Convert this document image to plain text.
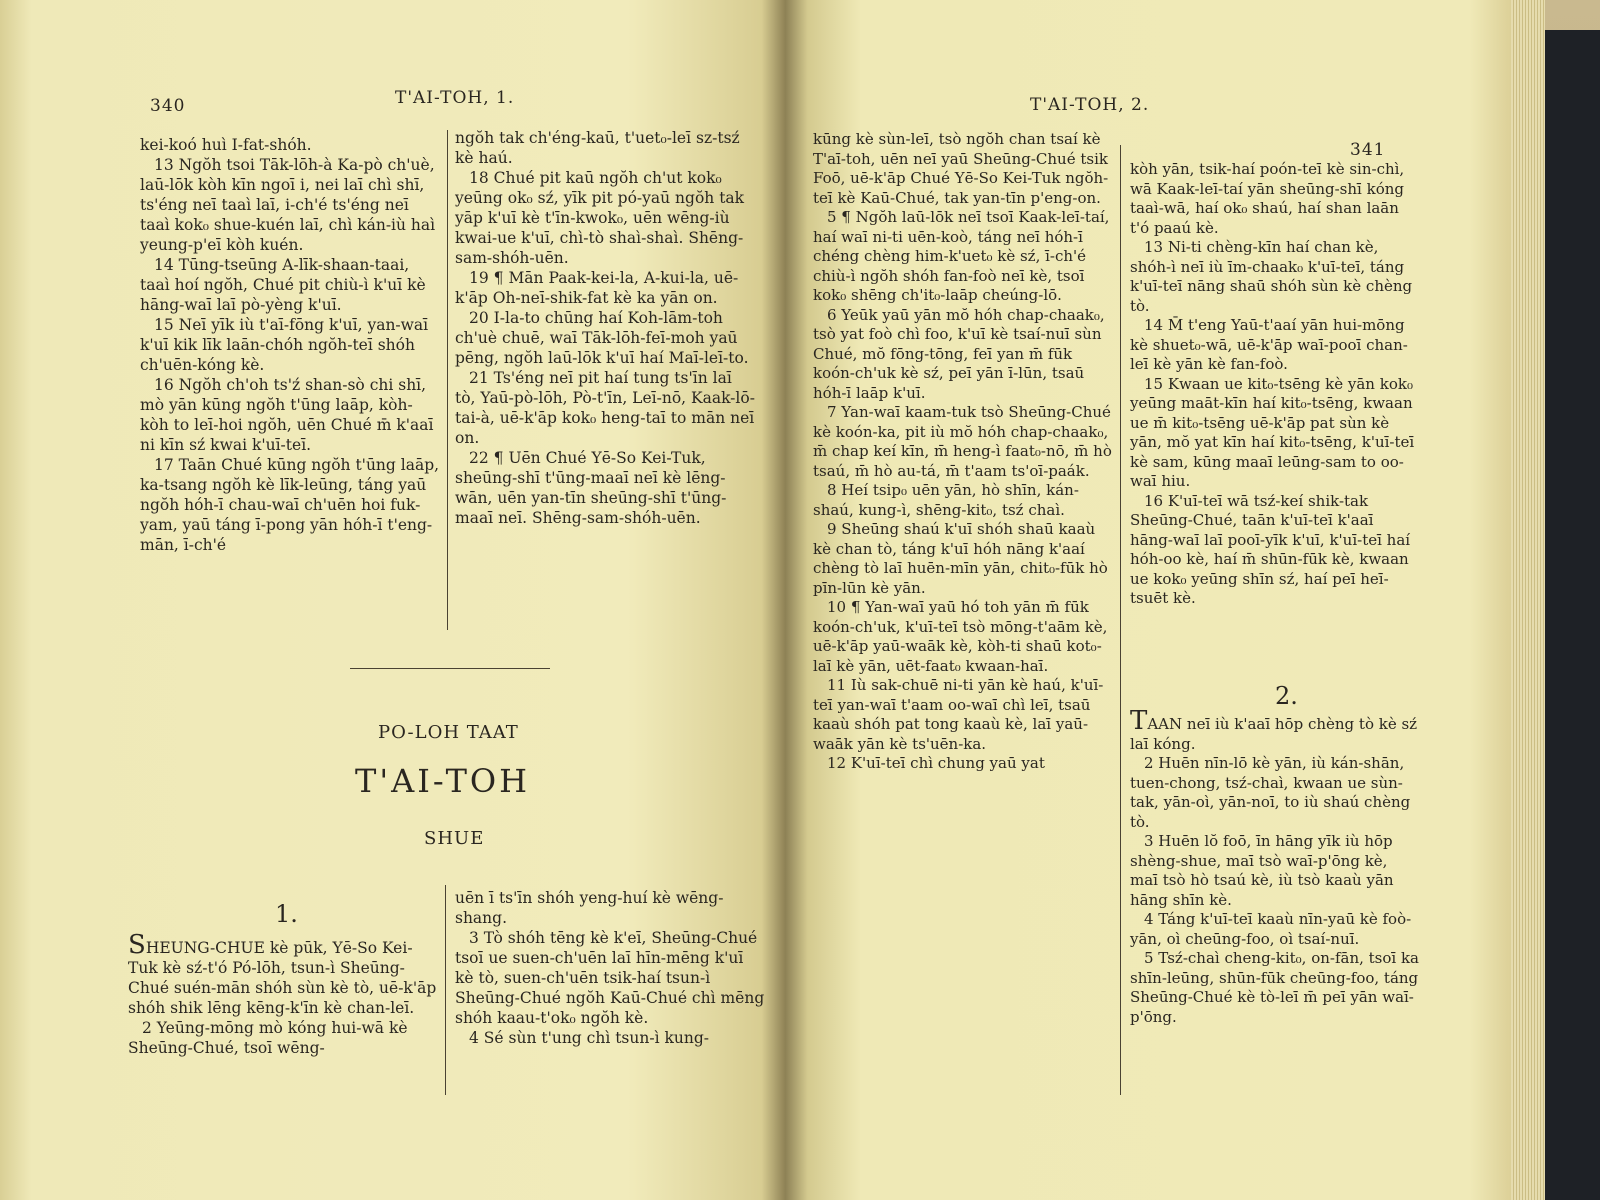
340	T'AI-TOH, 1.

kei-koó huì I-fat-shóh.

13 Ngŏh tsoi Tāk-lōh-à Ka-pò ch'uè, laū-lōk kòh kīn ngoī i, nei laī chì shī, ts'éng neī taaì laī, i-ch'é ts'éng neī taaì kok₀ shue-kuén laī, chì kán-iù haì yeung-p'eī kòh kuén.

14 Tūng-tseūng A-līk-shaan-taai, taaì hoí ngŏh, Chué pit chiù-ì k'uī kè hāng-waī laī pò-yèng k'uī.

15 Neī yīk iù t'aī-fōng k'uī, yan-waī k'uī kik līk laān-chóh ngŏh-teī shóh ch'uēn-kóng kè.

16 Ngŏh ch'oh ts'ź shan-sò chi shī, mò yān kūng ngŏh t'ūng laāp, kòh-kòh to leī-hoi ngŏh, uēn Chué m̄ k'aaī ni kīn sź kwai k'uī-teī.

17 Taān Chué kūng ngŏh t'ūng laāp, ka-tsang ngŏh kè līk-leūng, táng yaū ngŏh hóh-ī chau-waī ch'uēn hoi fuk-yam, yaū táng ī-pong yān hóh-ī t'eng-mān, ī-ch'é

ngŏh tak ch'éng-kaū, t'uet₀-leī sz-tsź kè haú.

18 Chué pit kaū ngŏh ch'ut kok₀ yeūng ok₀ sź, yīk pit pó-yaū ngŏh tak yāp k'uī kè t'īn-kwok₀, uēn wēng-iù kwai-ue k'uī, chì-tò shaì-shaì. Shēng-sam-shóh-uēn.

19 ¶ Mān Paak-kei-la, A-kui-la, uē-k'āp Oh-neī-shik-fat kè ka yān on.

20 I-la-to chūng haí Koh-lām-toh ch'uè chuē, waī Tāk-lōh-feī-moh yaū pēng, ngŏh laū-lōk k'uī haí Maī-leī-to.

21 Ts'éng neī pit haí tung ts'īn laī tò, Yaū-pò-lōh, Pò-t'īn, Leī-nō, Kaak-lō-tai-à, uē-k'āp kok₀ heng-taī to mān neī on.

22 ¶ Uēn Chué Yē-So Kei-Tuk, sheūng-shī t'ūng-maaī neī kè lēng-wān, uēn yan-tīn sheūng-shī t'ūng-maaī neī. Shēng-sam-shóh-uēn.

PO-LOH TAAT
T'AI-TOH
SHUE
1.

SHEUNG-CHUE kè pūk, Yē-So Kei-Tuk kè sź-t'ó Pó-lōh, tsun-ì Sheūng-Chué suén-mān shóh sùn kè tò, uē-k'āp shóh shik lēng kēng-k'īn kè chan-leī.

2 Yeūng-mōng mò kóng hui-wā kè Sheūng-Chué, tsoī wēng-

uēn ī ts'īn shóh yeng-huí kè wēng-shang.

3 Tò shóh tēng kè k'eī, Sheūng-Chué tsoī ue suen-ch'uēn laī hīn-mēng k'uī kè tò, suen-ch'uēn tsik-haí tsun-ì Sheūng-Chué ngŏh Kaū-Chué chì mēng shóh kaau-t'ok₀ ngŏh kè.

4 Sé sùn t'ung chì tsun-ì kung-

T'AI-TOH, 2.
341

kūng kè sùn-leī, tsò ngŏh chan tsaí kè T'aī-toh, uēn neī yaū Sheūng-Chué tsik Foō, uē-k'āp Chué Yē-So Kei-Tuk ngŏh-teī kè Kaū-Chué, tak yan-tīn p'eng-on.

5 ¶ Ngŏh laū-lōk neī tsoī Kaak-leī-taí, haí waī ni-ti uēn-koò, táng neī hóh-ī chéng chèng him-k'uet₀ kè sź, ī-ch'é chiù-ì ngŏh shóh fan-foò neī kè, tsoī kok₀ shēng ch'it₀-laāp cheúng-lō.

6 Yeūk yaū yān mŏ hóh chap-chaak₀, tsò yat foò chì foo, k'uī kè tsaí-nuī sùn Chué, mŏ fōng-tōng, feī yan m̄ fūk koón-ch'uk kè sź, peī yān ī-lūn, tsaū hóh-ī laāp k'uī.

7 Yan-waī kaam-tuk tsò Sheūng-Chué kè koón-ka, pit iù mŏ hóh chap-chaak₀, m̄ chap keí kīn, m̄ heng-ì faat₀-nō, m̄ hò tsaú, m̄ hò au-tá, m̄ t'aam ts'oī-paák.

8 Heí tsip₀ uēn yān, hò shīn, kán-shaú, kung-ì, shēng-kit₀, tsź chaì.

9 Sheūng shaú k'uī shóh shaū kaaù kè chan tò, táng k'uī hóh nāng k'aaí chèng tò laī huēn-mīn yān, chit₀-fūk hò pīn-lūn kè yān.

10 ¶ Yan-waī yaū hó toh yān m̄ fūk koón-ch'uk, k'uī-teī tsò mōng-t'aām kè, uē-k'āp yaū-waāk kè, kòh-ti shaū kot₀-laī kè yān, uēt-faat₀ kwaan-haī.

11 Iù sak-chuē ni-ti yān kè haú, k'uī-teī yan-waī t'aam oo-waī chì leī, tsaū kaaù shóh pat tong kaaù kè, laī yaū-waāk yān kè ts'uēn-ka.

12 K'uī-teī chì chung yaū yat

kòh yān, tsik-haí poón-teī kè sin-chì, wā Kaak-leī-taí yān sheūng-shī kóng taaì-wā, haí ok₀ shaú, haí shan laān t'ó paaú kè.

13 Ni-ti chèng-kīn haí chan kè, shóh-ì neī iù īm-chaak₀ k'uī-teī, táng k'uī-teī nāng shaū shóh sùn kè chèng tò.

14 M̄ t'eng Yaū-t'aaí yān hui-mōng kè shuet₀-wā, uē-k'āp waī-pooī chan-leī kè yān kè fan-foò.

15 Kwaan ue kit₀-tsēng kè yān kok₀ yeūng maāt-kīn haí kit₀-tsēng, kwaan ue m̄ kit₀-tsēng uē-k'āp pat sùn kè yān, mŏ yat kīn haí kit₀-tsēng, k'uī-teī kè sam, kūng maaī leūng-sam to oo-waī hiu.

16 K'uī-teī wā tsź-keí shik-tak Sheūng-Chué, taān k'uī-teī k'aaī hāng-waī laī pooī-yīk k'uī, k'uī-teī haí hóh-oo kè, haí m̄ shūn-fūk kè, kwaan ue kok₀ yeūng shīn sź, haí peī heī-tsuēt kè.

2.

TAAN neī iù k'aaī hōp chèng tò kè sź laī kóng.

2 Huēn nīn-lō kè yān, iù kán-shān, tuen-chong, tsź-chaì, kwaan ue sùn-tak, yān-oì, yān-noī, to iù shaú chèng tò.

3 Huēn lŏ foō, īn hāng yīk iù hōp shèng-shue, maī tsò waī-p'ōng kè, maī tsò hò tsaú kè, iù tsò kaaù yān hāng shīn kè.

4 Táng k'uī-teī kaaù nīn-yaū kè foò-yān, oì cheūng-foo, oì tsaí-nuī.

5 Tsź-chaì cheng-kit₀, on-fān, tsoī ka shīn-leūng, shūn-fūk cheūng-foo, táng Sheūng-Chué kè tò-leī m̄ peī yān waī-p'ōng.
